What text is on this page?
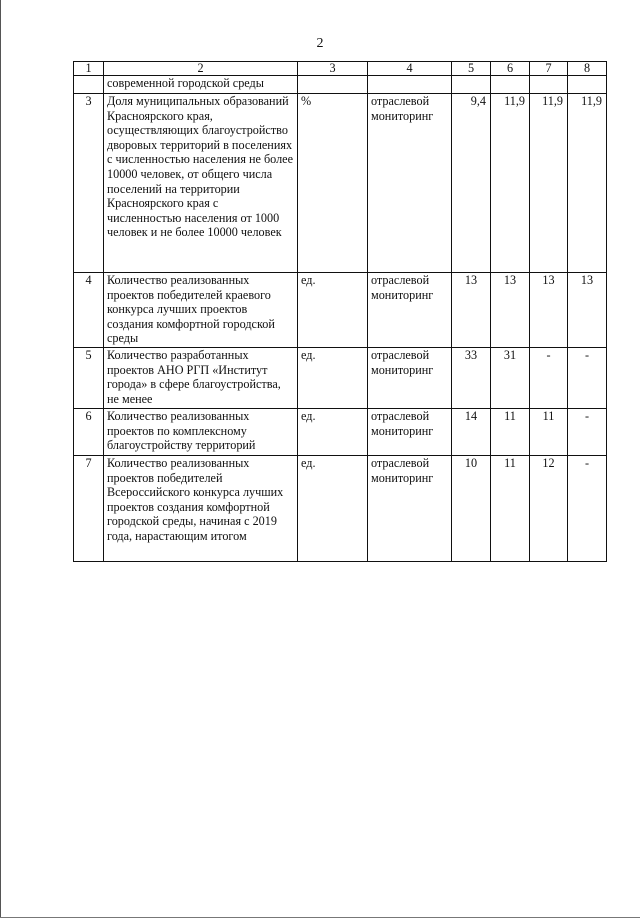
2
1	2	3	4	5	6	7	8
	современной городской среды						
3	Доля муниципальных образований Красноярского края, осуществляющих благоустройство дворовых территорий в поселениях с численностью населения не более 10000 человек, от общего числа поселений на территории Красноярского края с численностью населения от 1000 человек и не более 10000 человек	%	отраслевой мониторинг	9,4	11,9	11,9	11,9
4	Количество реализованных проектов победителей краевого конкурса лучших проектов создания комфортной городской среды	ед.	отраслевой мониторинг	13	13	13	13
5	Количество разработанных проектов АНО РГП «Институт города» в сфере благоустройства, не менее	ед.	отраслевой мониторинг	33	31	-	-
6	Количество реализованных проектов по комплексному благоустройству территорий	ед.	отраслевой мониторинг	14	11	11	-
7	Количество реализованных проектов победителей Всероссийского конкурса лучших проектов создания комфортной городской среды, начиная с 2019 года, нарастающим итогом	ед.	отраслевой мониторинг	10	11	12	-
